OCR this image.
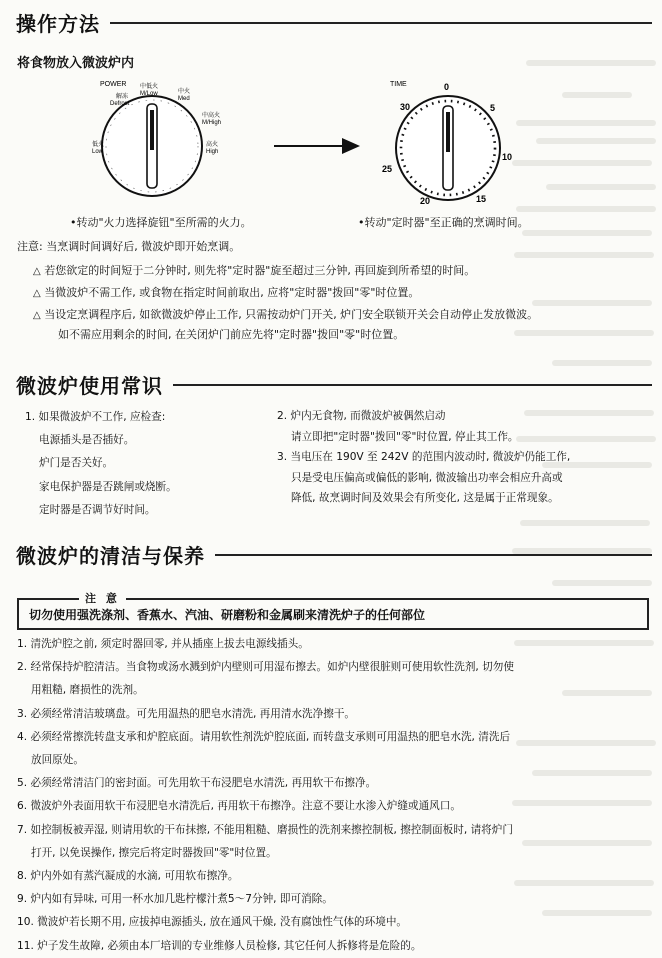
操作方法
将食物放入微波炉内
POWER
解冻
Defrost
中低火
M/Low	中火
Med
中高火
M/High
高火
High
低火
Low
TIME	0
5
10
15
20
25
30
•转动"火力选择旋钮"至所需的火力。	•转动"定时器"至正确的烹调时间。
注意: 当烹调时间调好后, 微波炉即开始烹调。
△ 若您欲定的时间短于二分钟时, 则先将"定时器"旋至超过三分钟, 再回旋到所希望的时间。
△ 当微波炉不需工作, 或食物在指定时间前取出, 应将"定时器"拨回"零"时位置。
△ 当设定烹调程序后, 如欲微波炉停止工作, 只需按动炉门开关, 炉门安全联锁开关会自动停止发放微波。
如不需应用剩余的时间, 在关闭炉门前应先将"定时器"拨回"零"时位置。
微波炉使用常识
1. 如果微波炉不工作, 应检查:
电源插头是否插好。
炉门是否关好。
家电保护器是否跳闸或烧断。
定时器是否调节好时间。
2. 炉内无食物, 而微波炉被偶然启动
请立即把"定时器"拨回"零"时位置, 停止其工作。
3. 当电压在 190V 至 242V 的范围内波动时, 微波炉仍能工作,
只是受电压偏高或偏低的影响, 微波输出功率会相应升高或
降低, 故烹调时间及效果会有所变化, 这是属于正常现象。
微波炉的清洁与保养
注 意
切勿使用强洗涤剂、香蕉水、汽油、研磨粉和金属刷来清洗炉子的任何部位
1. 清洗炉腔之前, 须定时器回零, 并从插座上拔去电源线插头。
2. 经常保持炉腔清洁。当食物或汤水溅到炉内壁则可用湿布擦去。如炉内壁很脏则可使用软性洗剂, 切勿使
用粗糙, 磨损性的洗剂。
3. 必须经常清洁玻璃盘。可先用温热的肥皂水清洗, 再用清水洗净擦干。
4. 必须经常擦洗转盘支承和炉腔底面。请用软性剂洗炉腔底面, 而转盘支承则可用温热的肥皂水洗, 清洗后
放回原处。
5. 必须经常清洁门的密封面。可先用软干布浸肥皂水清洗, 再用软干布擦净。
6. 微波炉外表面用软干布浸肥皂水清洗后, 再用软干布擦净。注意不要让水渗入炉缝或通风口。
7. 如控制板被弄湿, 则请用软的干布抹擦, 不能用粗糙、磨损性的洗剂来擦控制板, 擦控制面板时, 请将炉门
打开, 以免误操作, 擦完后将定时器拨回"零"时位置。
8. 炉内外如有蒸汽凝成的水滴, 可用软布擦净。
9. 炉内如有异味, 可用一杯水加几匙柠檬汁煮5～7分钟, 即可消除。
10. 微波炉若长期不用, 应拔掉电源插头, 放在通风干燥, 没有腐蚀性气体的环境中。
11. 炉子发生故障, 必须由本厂培训的专业维修人员检修, 其它任何人拆修将是危险的。
